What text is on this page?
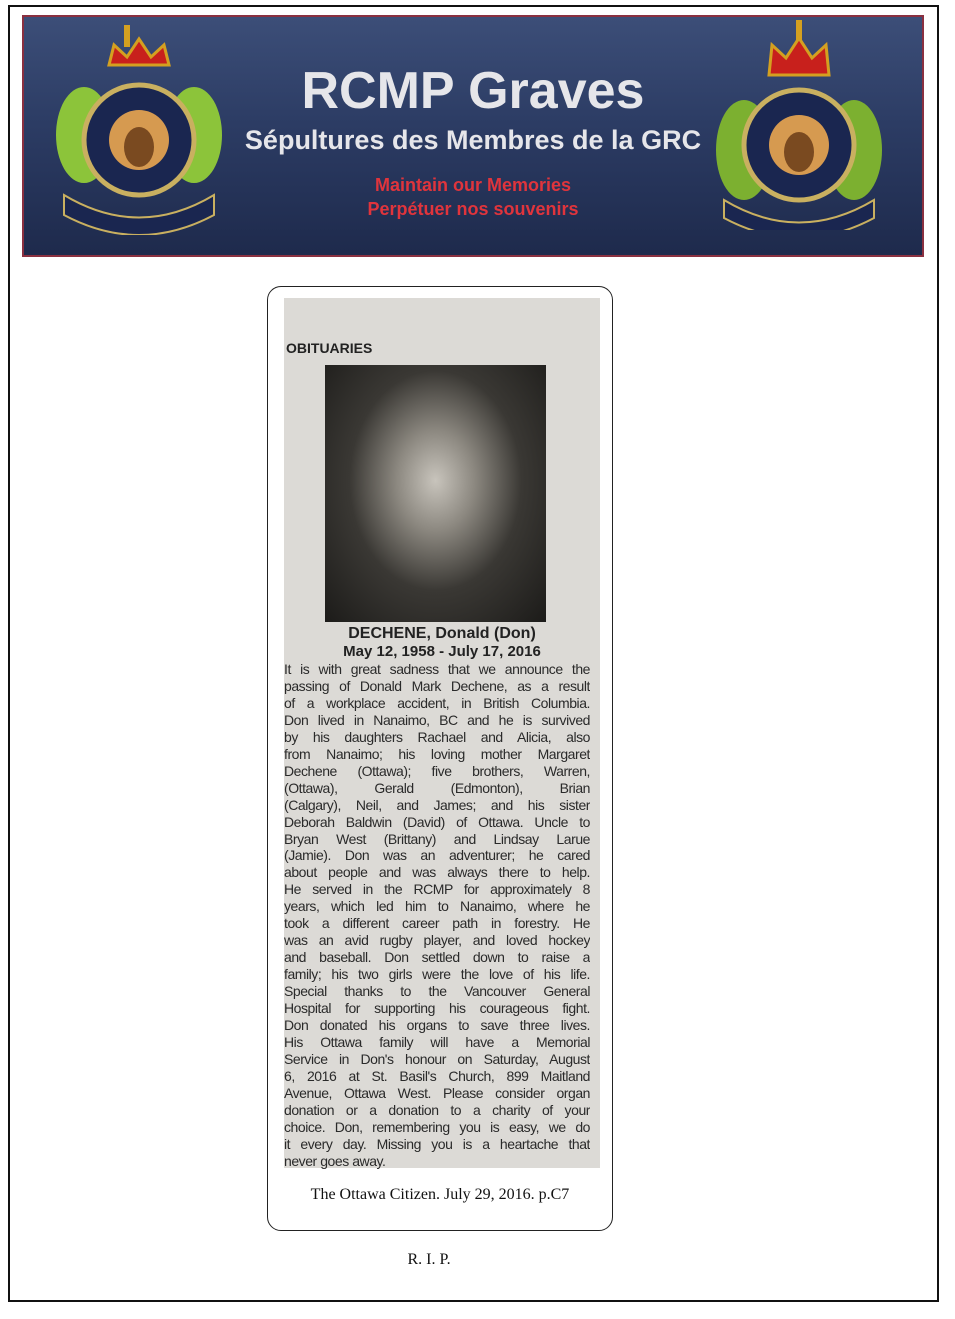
RCMP Graves
Sépultures des Membres de la GRC
Maintain our Memories
Perpétuer nos souvenirs
OBITUARIES
DECHENE, Donald (Don)
May 12, 1958 - July 17, 2016
It is with great sadness that we announce the
passing of Donald Mark Dechene, as a result
of a workplace accident, in British Columbia.
Don lived in Nanaimo, BC and he is survived
by his daughters Rachael and Alicia, also
from Nanaimo; his loving mother Margaret
Dechene (Ottawa); five brothers, Warren,
(Ottawa), Gerald (Edmonton), Brian
(Calgary), Neil, and James; and his sister
Deborah Baldwin (David) of Ottawa. Uncle to
Bryan West (Brittany) and Lindsay Larue
(Jamie). Don was an adventurer; he cared
about people and was always there to help.
He served in the RCMP for approximately 8
years, which led him to Nanaimo, where he
took a different career path in forestry. He
was an avid rugby player, and loved hockey
and baseball. Don settled down to raise a
family; his two girls were the love of his life.
Special thanks to the Vancouver General
Hospital for supporting his courageous fight.
Don donated his organs to save three lives.
His Ottawa family will have a Memorial
Service in Don's honour on Saturday, August
6, 2016 at St. Basil's Church, 899 Maitland
Avenue, Ottawa West. Please consider organ
donation or a donation to a charity of your
choice. Don, remembering you is easy, we do
it every day. Missing you is a heartache that
never goes away.
The Ottawa Citizen. July 29, 2016. p.C7
R. I. P.
